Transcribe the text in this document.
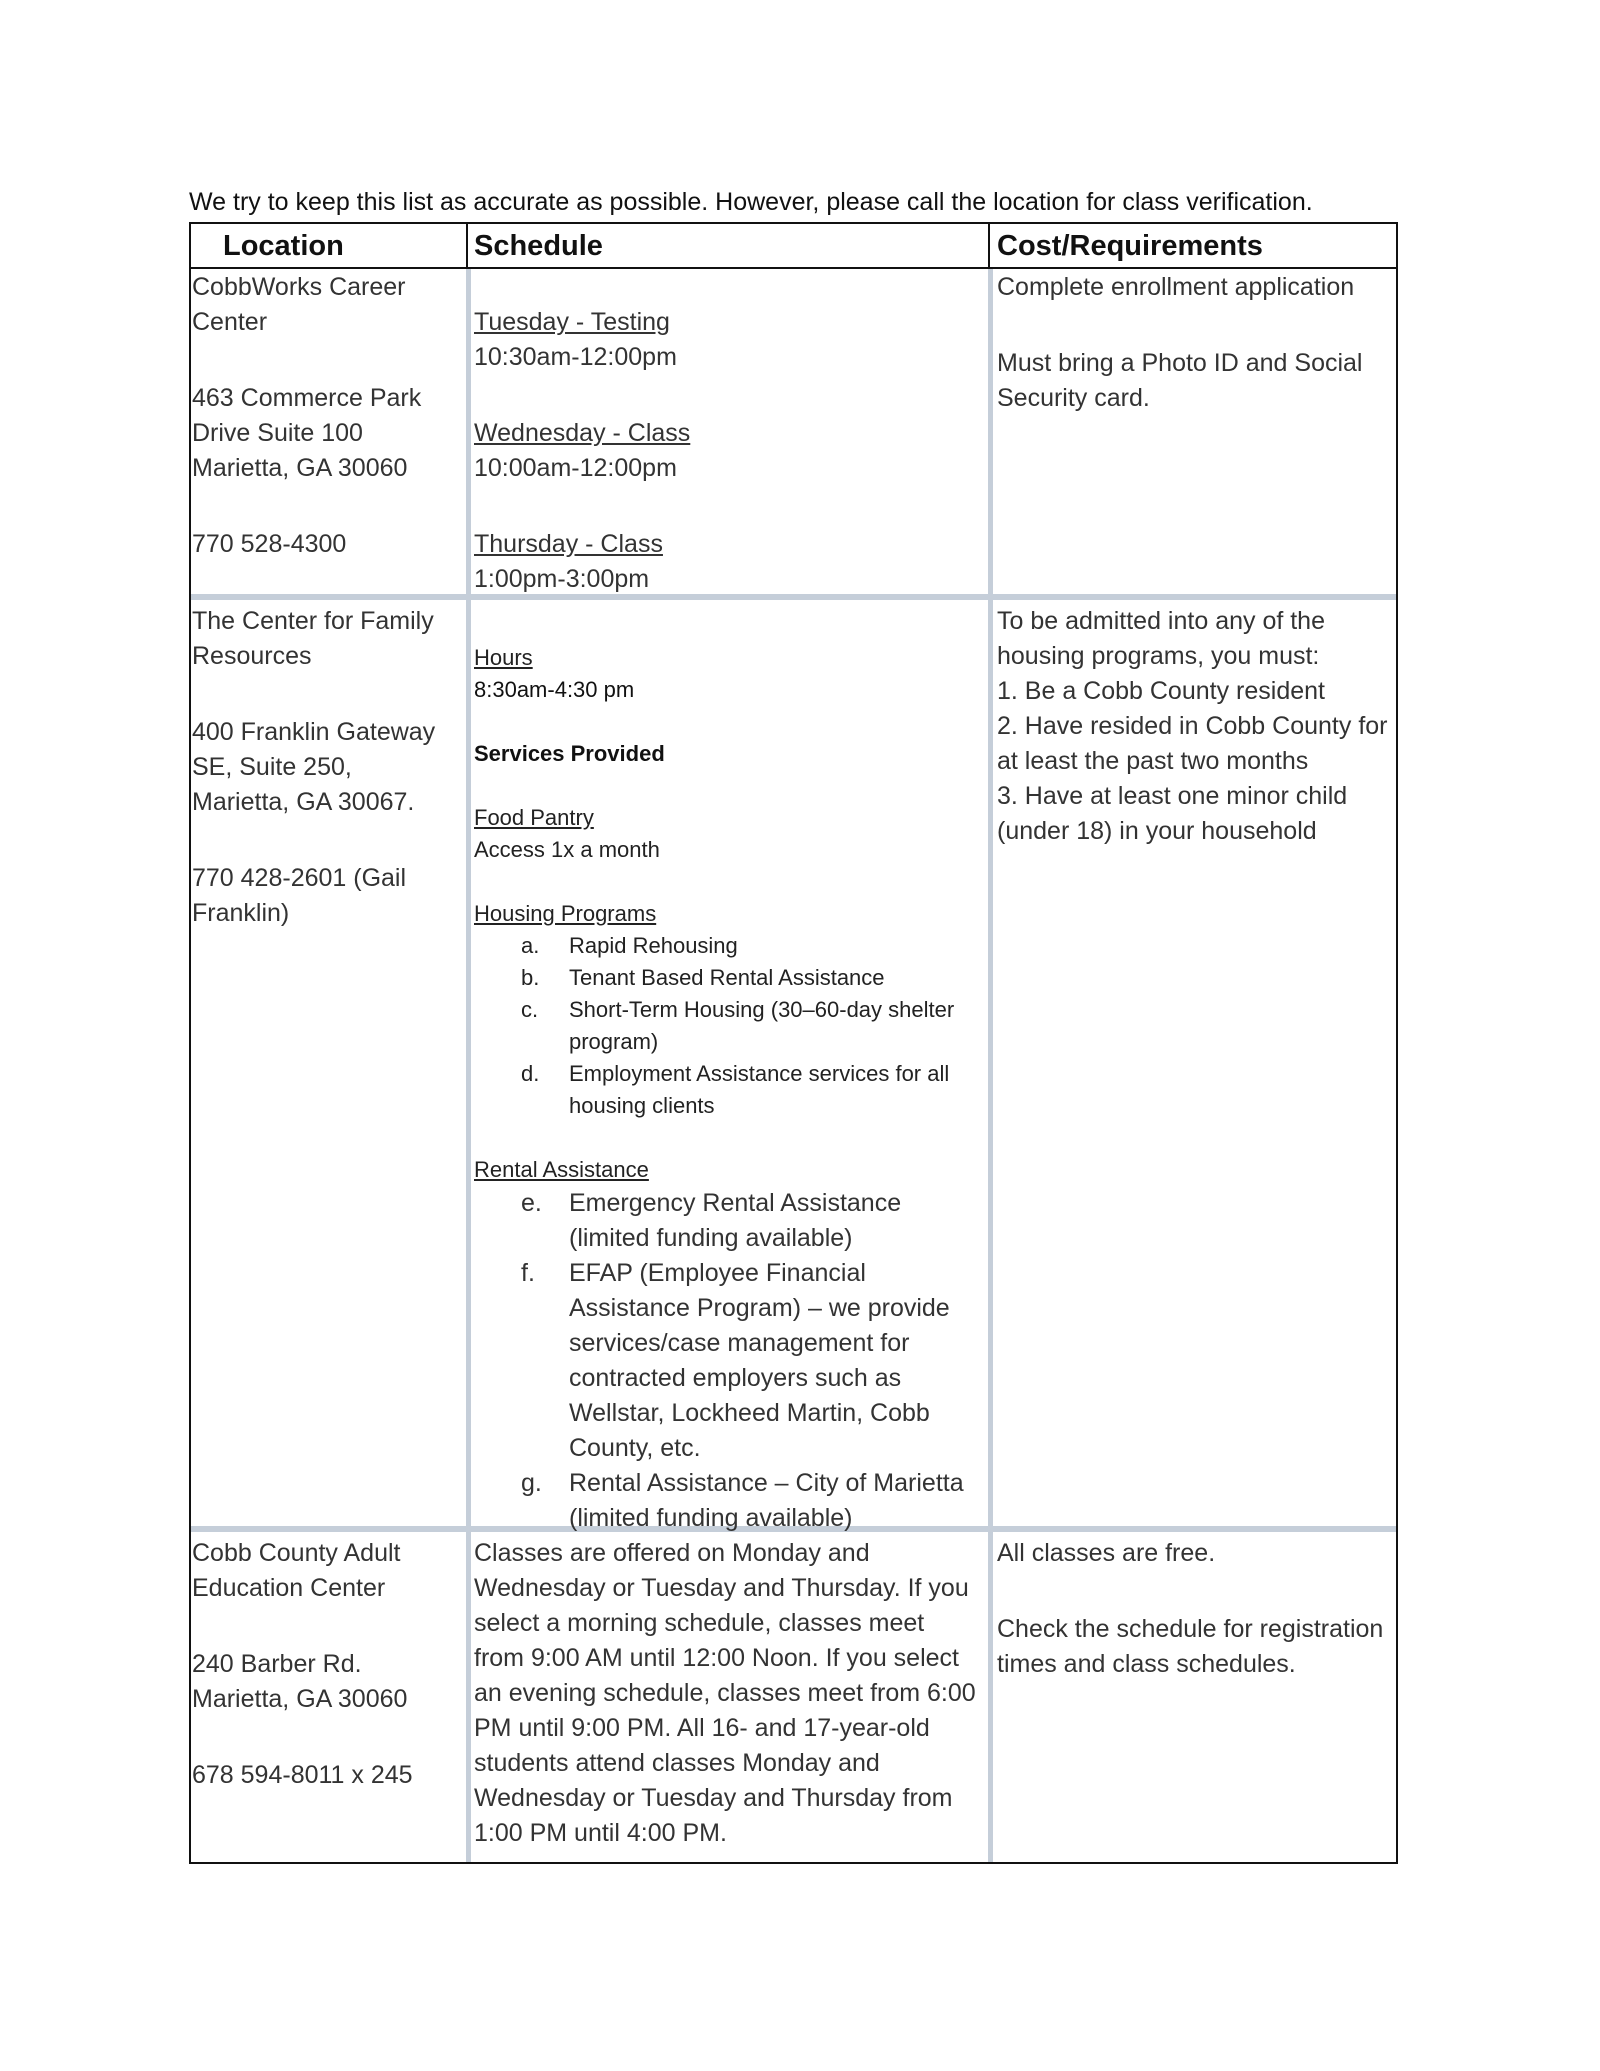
We try to keep this list as accurate as possible. However, please call the location for class verification.
Location	Schedule	Cost/Requirements

CobbWorks Career Center

463 Commerce Park Drive Suite 100

Marietta, GA 30060

770 528-4300

Tuesday - Testing

10:30am-12:00pm

Wednesday - Class

10:00am-12:00pm

Thursday - Class

1:00pm-3:00pm

Complete enrollment application

Must bring a Photo ID and Social Security card.

The Center for Family Resources

400 Franklin Gateway SE, Suite 250,

Marietta, GA 30067.

770 428-2601 (Gail Franklin)

Hours

8:30am-4:30 pm

Services Provided

Food Pantry

Access 1x a month

Housing Programs

a. Rapid Rehousing
b. Tenant Based Rental Assistance
c. Short-Term Housing (30–60-day shelter program)
d. Employment Assistance services for all housing clients

Rental Assistance

e. Emergency Rental Assistance (limited funding available)
f. EFAP (Employee Financial Assistance Program) – we provide services/case management for contracted employers such as Wellstar, Lockheed Martin, Cobb County, etc.
g. Rental Assistance – City of Marietta (limited funding available)

To be admitted into any of the housing programs, you must:

1. Be a Cobb County resident

2. Have resided in Cobb County for at least the past two months

3. Have at least one minor child (under 18) in your household

Cobb County Adult Education Center

240 Barber Rd.

Marietta, GA 30060

678 594-8011 x 245

Classes are offered on Monday and Wednesday or Tuesday and Thursday. If you select a morning schedule, classes meet from 9:00 AM until 12:00 Noon. If you select an evening schedule, classes meet from 6:00 PM until 9:00 PM. All 16- and 17-year-old students attend classes Monday and Wednesday or Tuesday and Thursday from 1:00 PM until 4:00 PM.

All classes are free.

Check the schedule for registration times and class schedules.
